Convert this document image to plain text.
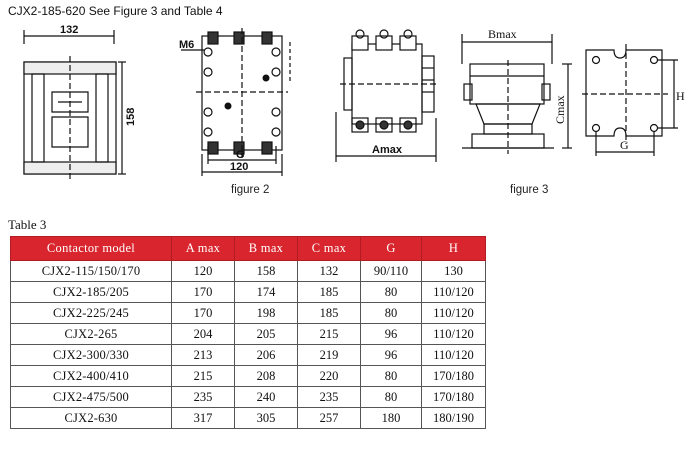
CJX2-185-620 See Figure 3 and Table 4
132
158
M6
G
120
figure 2
Amax
Bmax
Cmax	H
G
figure 3
Table 3
Contactor model	A max	B max	C max	G	H
CJX2-115/150/170	120	158	132	90/110	130
CJX2-185/205	170	174	185	80	110/120
CJX2-225/245	170	198	185	80	110/120
CJX2-265	204	205	215	96	110/120
CJX2-300/330	213	206	219	96	110/120
CJX2-400/410	215	208	220	80	170/180
CJX2-475/500	235	240	235	80	170/180
CJX2-630	317	305	257	180	180/190
